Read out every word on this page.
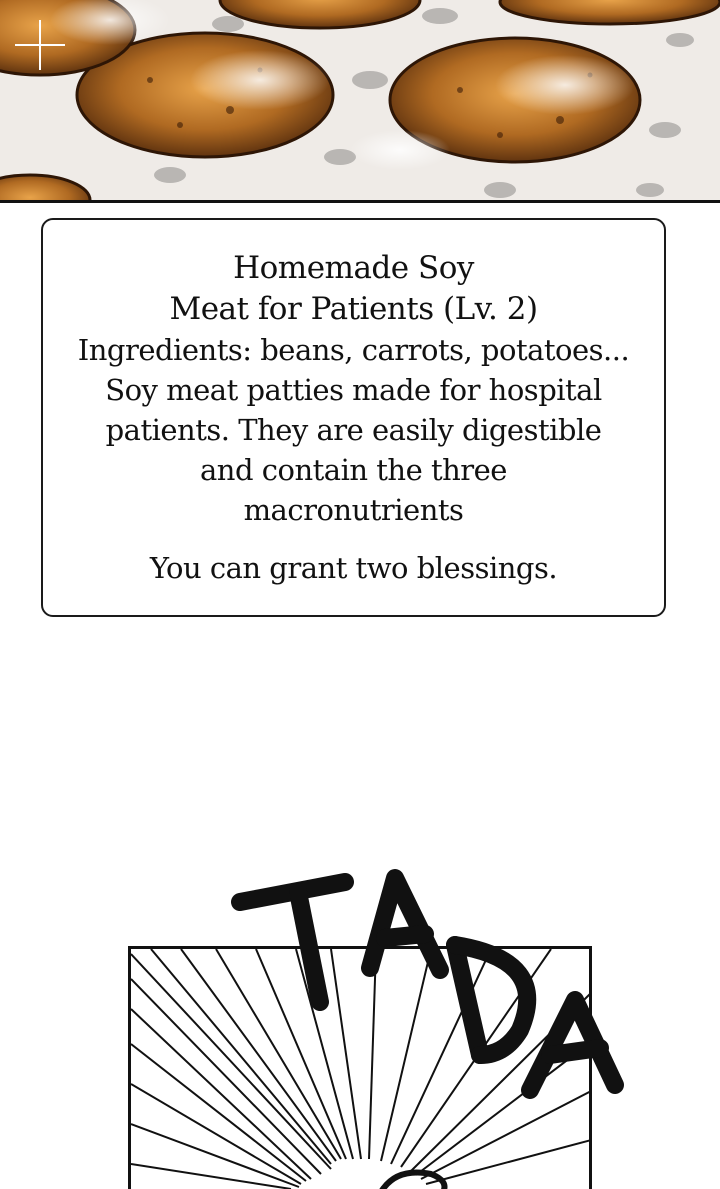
Homemade Soy
Meat for Patients (Lv. 2)
Ingredients: beans, carrots, potatoes...
Soy meat patties made for hospital
patients. They are easily digestible
and contain the three
macronutrients
You can grant two blessings.
TADA
